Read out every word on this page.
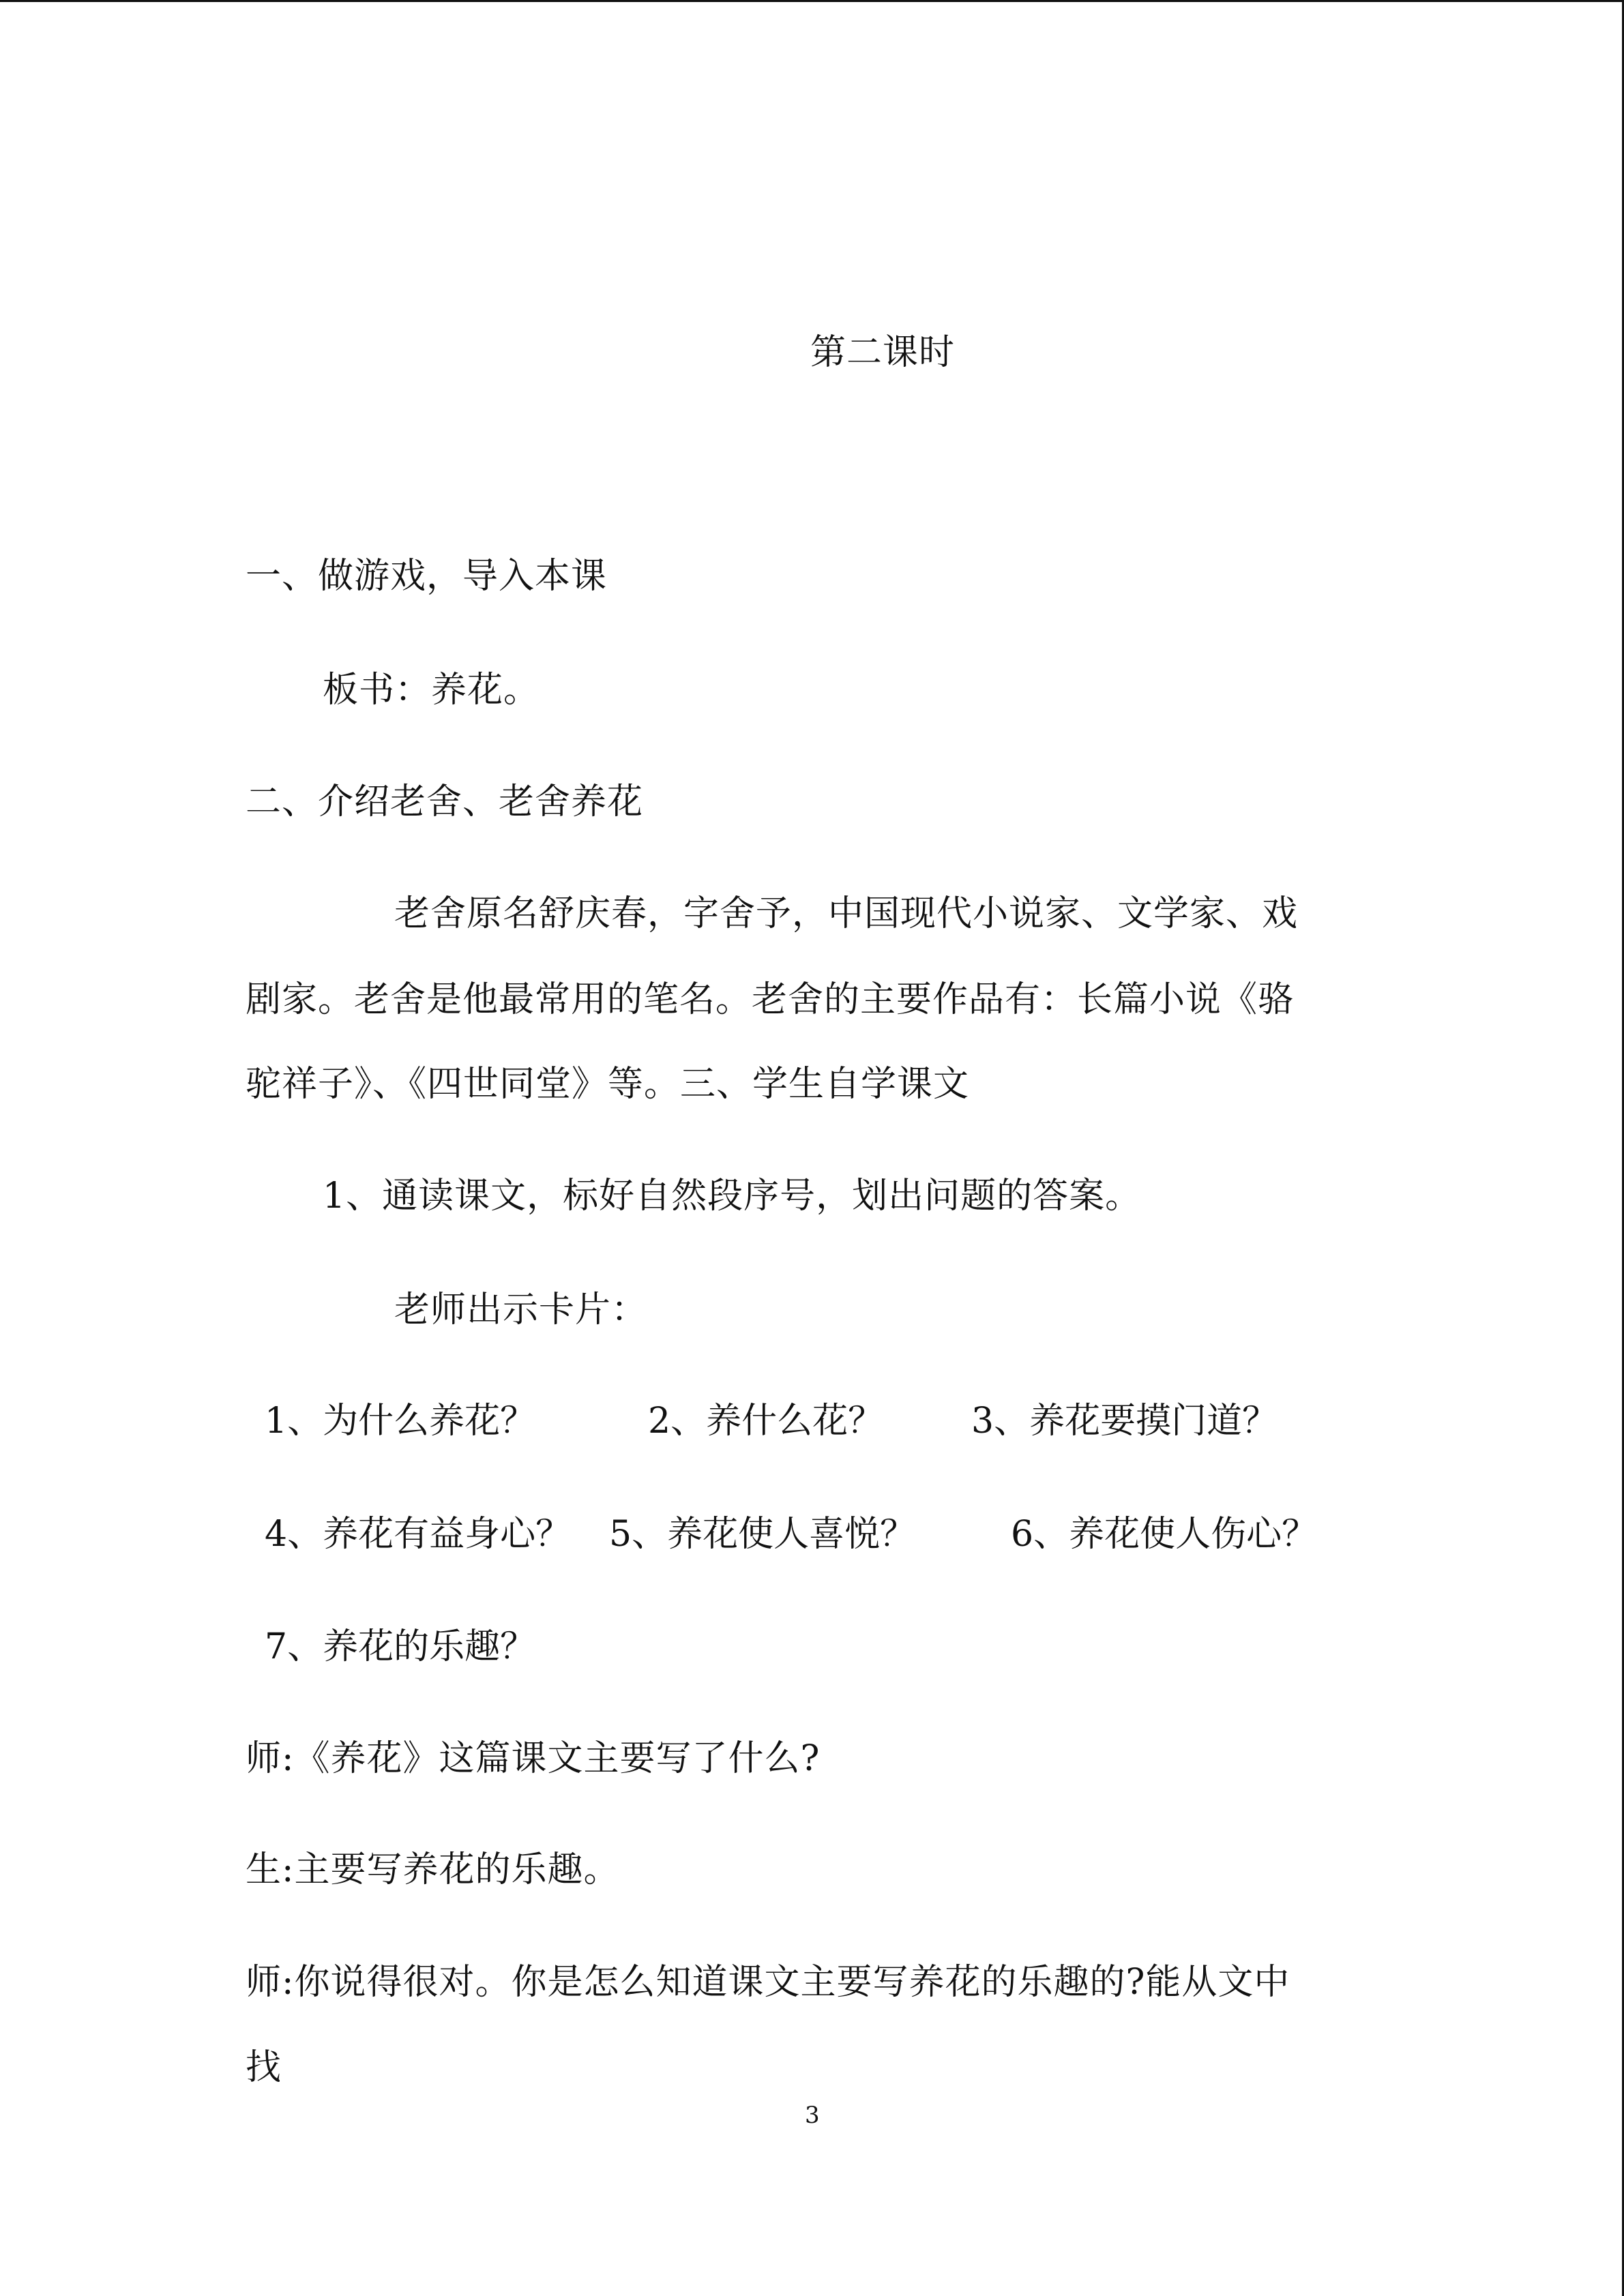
第二课时
一、做游戏，导入本课
板书：养花。
二、介绍老舍、老舍养花
老舍原名舒庆春，字舍予，中国现代小说家、文学家、戏
剧家。老舍是他最常用的笔名。老舍的主要作品有：长篇小说《骆
驼祥子》、《四世同堂》等。三、学生自学课文
1、通读课文，标好自然段序号，划出问题的答案。
老师出示卡片：
1、为什么养花？	2、养什么花？ 3、养花要摸门道？
4、养花有益身心？ 5、养花使人喜悦？	6、养花使人伤心？
7、养花的乐趣？
师:《养花》这篇课文主要写了什么?
生:主要写养花的乐趣。
师:你说得很对。你是怎么知道课文主要写养花的乐趣的?能从文中
找
3
